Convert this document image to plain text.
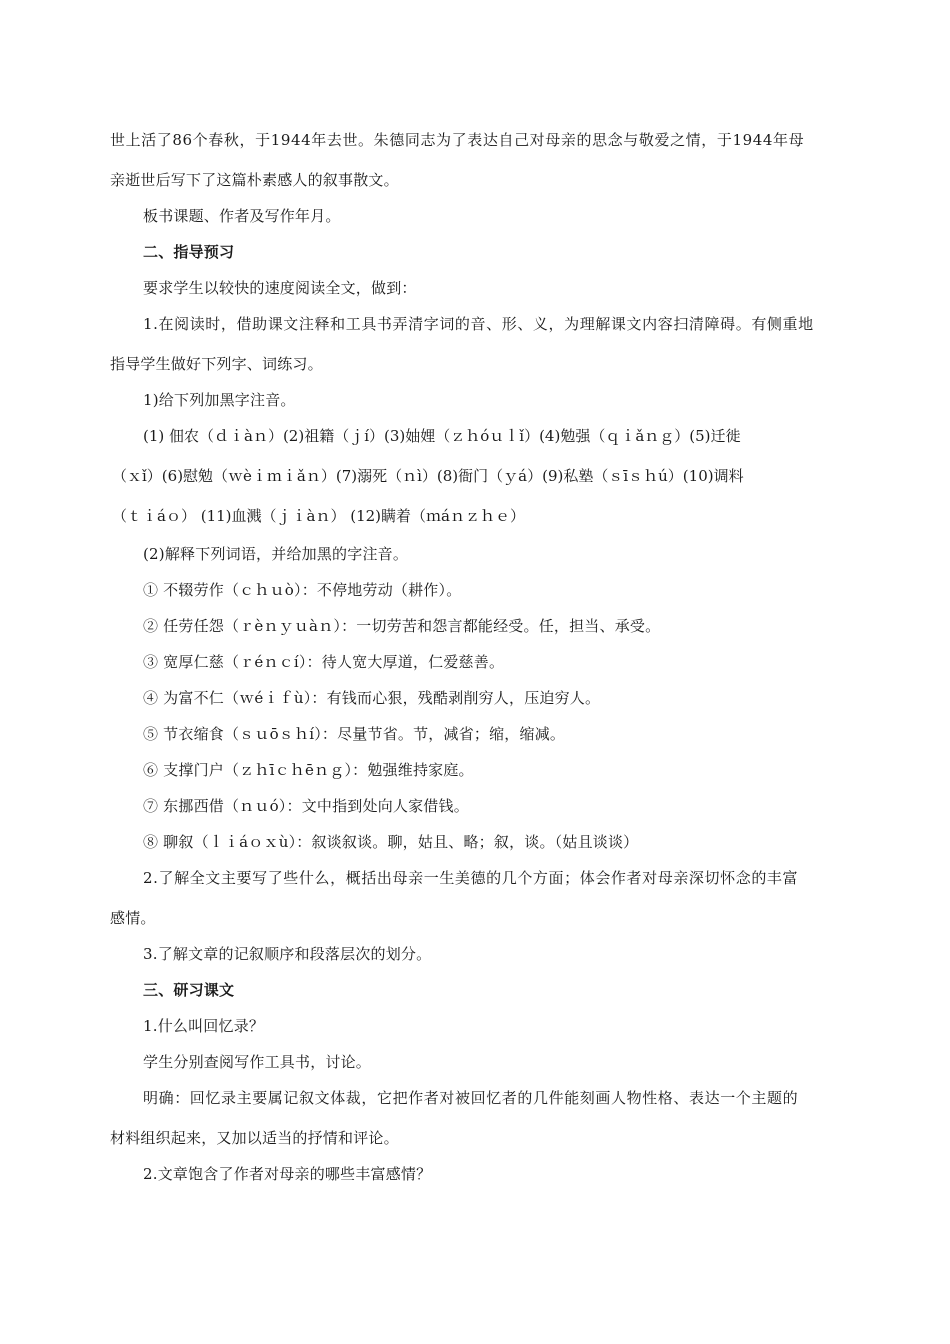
世上活了86个春秋，于1944年去世。朱德同志为了表达自己对母亲的思念与敬爱之情，于1944年母
亲逝世后写下了这篇朴素感人的叙事散文。
板书课题、作者及写作年月。
二、指导预习
要求学生以较快的速度阅读全文，做到：
1.在阅读时，借助课文注释和工具书弄清字词的音、形、义，为理解课文内容扫清障碍。有侧重地
指导学生做好下列字、词练习。
1)给下列加黑字注音。
(1) 佃农（ｄｉàｎ）(2)祖籍（ｊí）(3)妯娌（ｚｈóｕｌǐ）(4)勉强（ｑｉǎｎｇ）(5)迁徙
（ｘǐ）(6)慰勉（ｗèｉｍｉǎｎ）(7)溺死（ｎì）(8)衙门（ｙá）(9)私塾（ｓīｓｈú）(10)调料
（ｔｉáｏ） (11)血溅（ｊｉàｎ） (12)瞒着（ｍáｎｚｈｅ）
(2)解释下列词语，并给加黑的字注音。
① 不辍劳作（ｃｈｕò）：不停地劳动（耕作）。
② 任劳任怨（ｒèｎｙｕàｎ）：一切劳苦和怨言都能经受。任，担当、承受。
③ 宽厚仁慈（ｒéｎｃí）：待人宽大厚道，仁爱慈善。
④ 为富不仁（ｗéｉｆù）：有钱而心狠，残酷剥削穷人，压迫穷人。
⑤ 节衣缩食（ｓｕōｓｈí）：尽量节省。节，减省；缩，缩减。
⑥ 支撑门户（ｚｈīｃｈēｎｇ）：勉强维持家庭。
⑦ 东挪西借（ｎｕó）：文中指到处向人家借钱。
⑧ 聊叙（ｌｉáｏｘù）：叙谈叙谈。聊，姑且、略；叙，谈。（姑且谈谈）
2.了解全文主要写了些什么，概括出母亲一生美德的几个方面；体会作者对母亲深切怀念的丰富
感情。
3.了解文章的记叙顺序和段落层次的划分。
三、研习课文
1.什么叫回忆录？
学生分别查阅写作工具书，讨论。
明确：回忆录主要属记叙文体裁，它把作者对被回忆者的几件能刻画人物性格、表达一个主题的
材料组织起来，又加以适当的抒情和评论。
2.文章饱含了作者对母亲的哪些丰富感情？
